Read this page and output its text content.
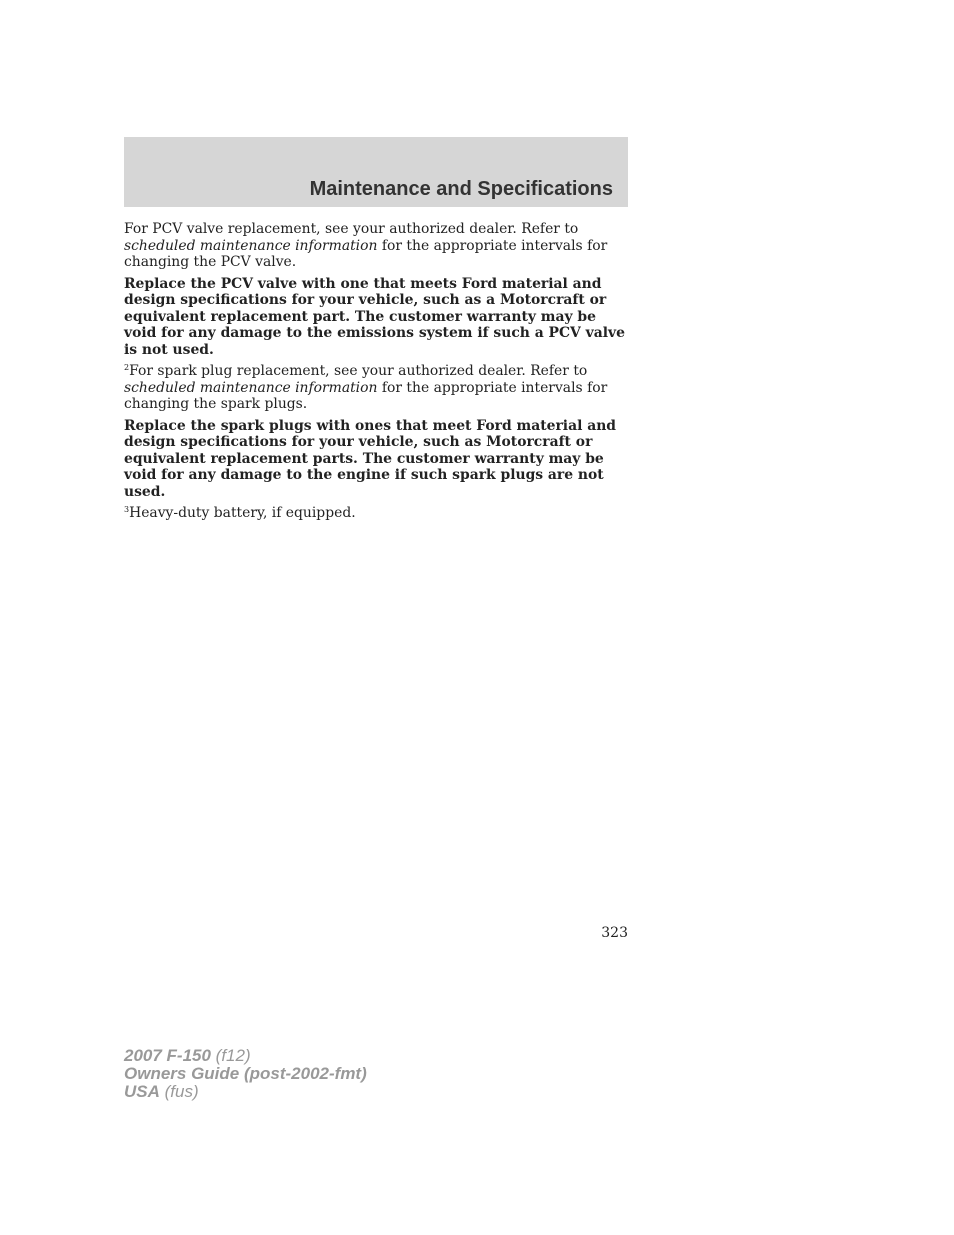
Maintenance and Specifications

For PCV valve replacement, see your authorized dealer. Refer to scheduled maintenance information for the appropriate intervals for changing the PCV valve.

Replace the PCV valve with one that meets Ford material and design specifications for your vehicle, such as a Motorcraft or equivalent replacement part. The customer warranty may be void for any damage to the emissions system if such a PCV valve is not used.

$^2$For spark plug replacement, see your authorized dealer. Refer to scheduled maintenance information for the appropriate intervals for changing the spark plugs.

Replace the spark plugs with ones that meet Ford material and design specifications for your vehicle, such as Motorcraft or equivalent replacement parts. The customer warranty may be void for any damage to the engine if such spark plugs are not used.

$^3$Heavy-duty battery, if equipped.

323
2007 F-150 (f12)
Owners Guide (post-2002-fmt)
USA (fus)
